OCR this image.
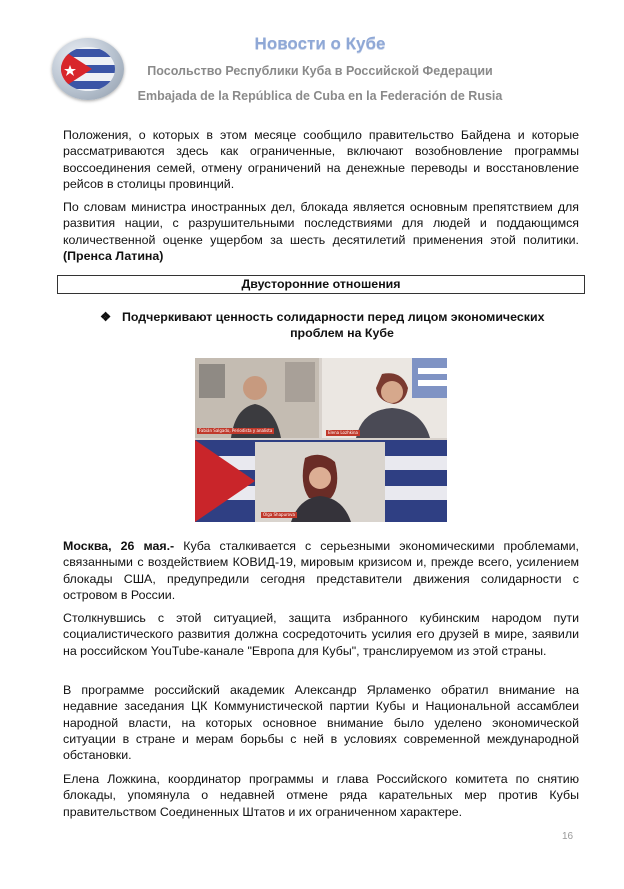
Новости о Кубе
Посольство Республики Куба в Российской Федерации
Embajada de la República de Cuba en la Federación de Rusia
Положения, о которых в этом месяце сообщило правительство Байдена и которые рассматриваются здесь как ограниченные, включают возобновление программы воссоединения семей, отмену ограничений на денежные переводы и восстановление рейсов в столицы провинций.
По словам министра иностранных дел, блокада является основным препятствием для развития нации, с разрушительными последствиями для людей и поддающимся количественной оценке ущербом за шесть десятилетий применения этой политики. (Пренса Латина)
Двусторонние отношения
❖ Подчеркивают ценность солидарности перед лицом экономических
проблем на Кубе
Fabián Salgado, Periodista y analista	Elena Lozhkina
Olga Shapurova
Москва, 26 мая.- Куба сталкивается с серьезными экономическими проблемами, связанными с воздействием КОВИД-19, мировым кризисом и, прежде всего, усилением блокады США, предупредили сегодня представители движения солидарности с островом в России.
Столкнувшись с этой ситуацией, защита избранного кубинским народом пути социалистического развития должна сосредоточить усилия его друзей в мире, заявили на российском YouTube-канале "Европа для Кубы", транслируемом из этой страны.
В программе российский академик Александр Ярламенко обратил внимание на недавние заседания ЦК Коммунистической партии Кубы и Национальной ассамблеи народной власти, на которых основное внимание было уделено экономической ситуации в стране и мерам борьбы с ней в условиях современной международной обстановки.
Елена Ложкина, координатор программы и глава Российского комитета по снятию блокады, упомянула о недавней отмене ряда карательных мер против Кубы правительством Соединенных Штатов и их ограниченном характере.
16
